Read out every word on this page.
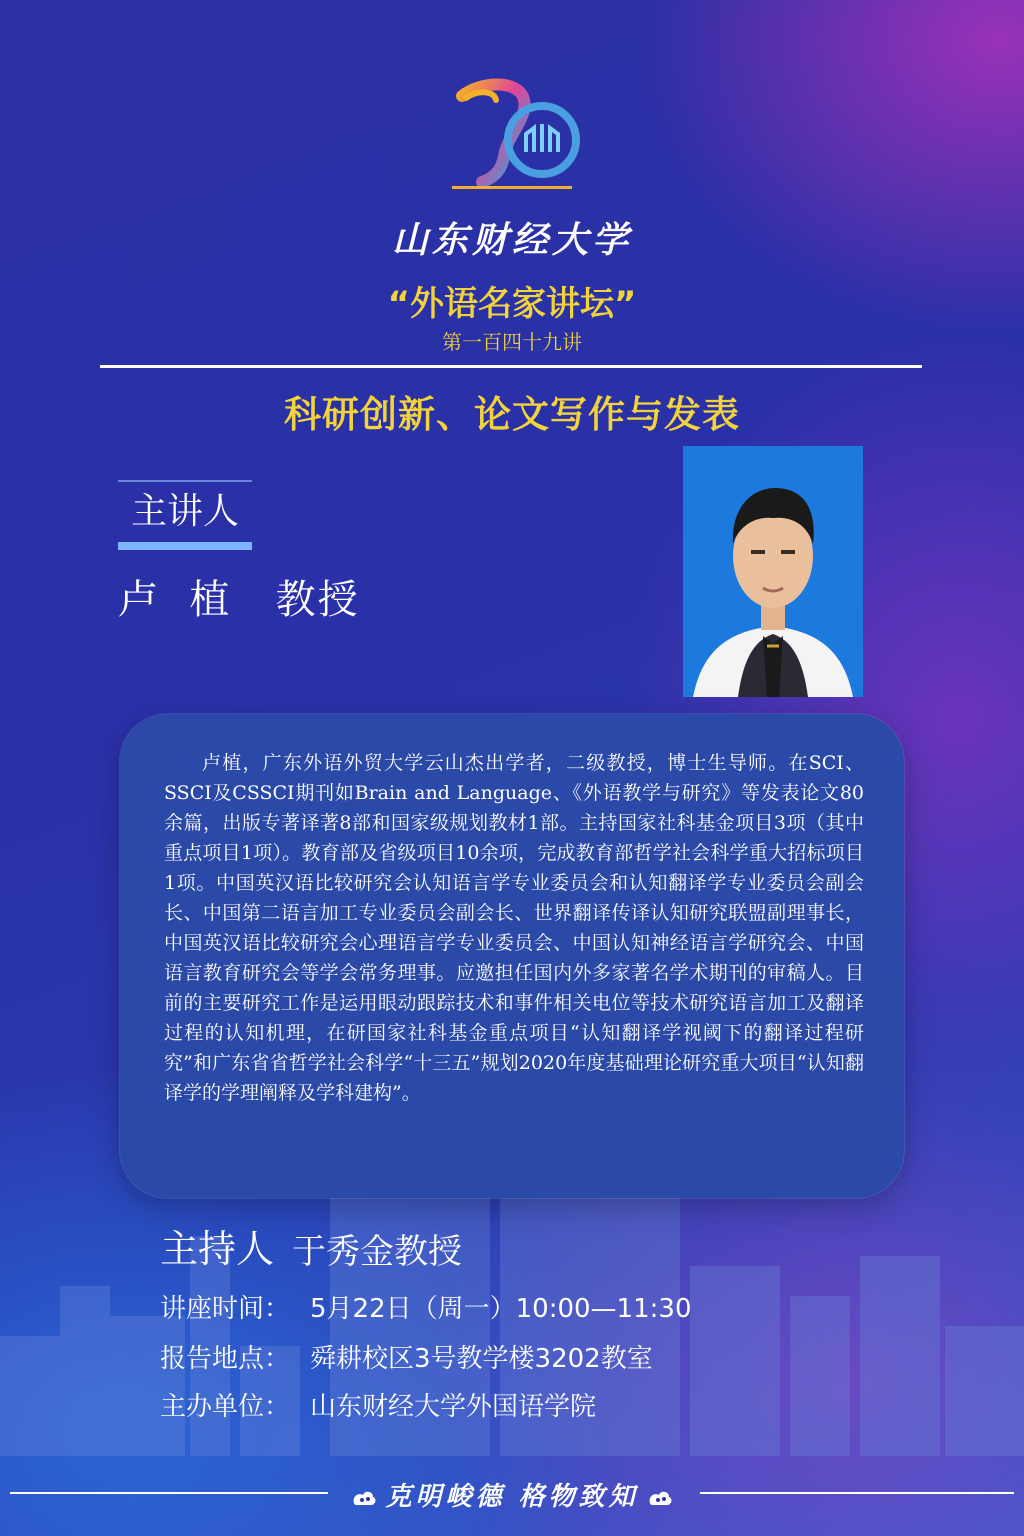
山东财经大学
“外语名家讲坛”
第一百四十九讲
科研创新、论文写作与发表
主讲人
卢  植   教授

卢植，广东外语外贸大学云山杰出学者，二级教授，博士生导师。在SCI、SSCI及CSSCI期刊如Brain and Language、《外语教学与研究》等发表论文80余篇，出版专著译著8部和国家级规划教材1部。主持国家社科基金项目3项（其中重点项目1项）。教育部及省级项目10余项，完成教育部哲学社会科学重大招标项目1项。中国英汉语比较研究会认知语言学专业委员会和认知翻译学专业委员会副会长、中国第二语言加工专业委员会副会长、世界翻译传译认知研究联盟副理事长，中国英汉语比较研究会心理语言学专业委员会、中国认知神经语言学研究会、中国语言教育研究会等学会常务理事。应邀担任国内外多家著名学术期刊的审稿人。目前的主要研究工作是运用眼动跟踪技术和事件相关电位等技术研究语言加工及翻译过程的认知机理，在研国家社科基金重点项目“认知翻译学视阈下的翻译过程研究”和广东省省哲学社会科学“十三五”规划2020年度基础理论研究重大项目“认知翻译学的学理阐释及学科建构”。

主持人 于秀金教授
讲座时间： 5月22日（周一）10:00—11:30
报告地点： 舜耕校区3号教学楼3202教室
主办单位： 山东财经大学外国语学院
克明峻德 格物致知
